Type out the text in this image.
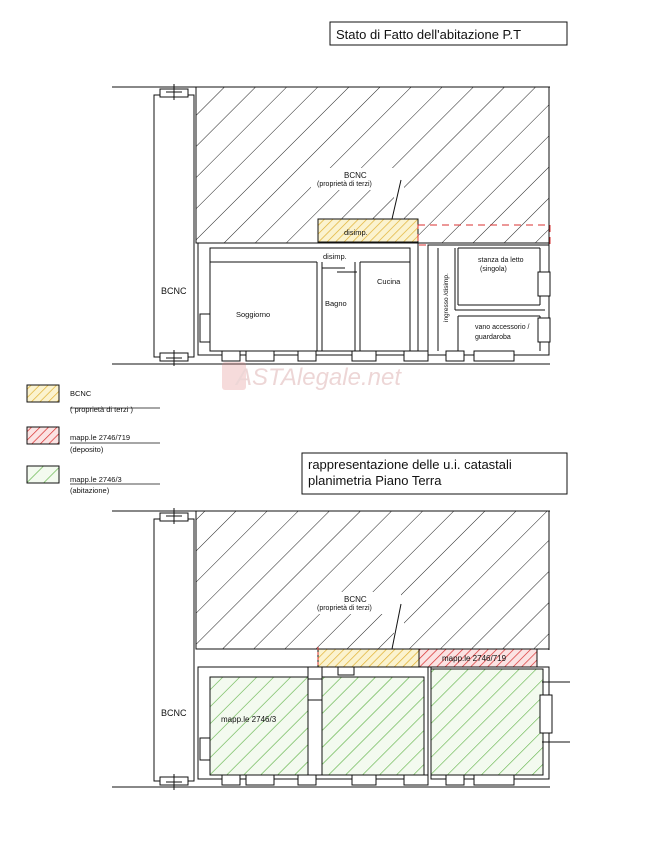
Stato di Fatto dell'abitazione P.T
BCNC
disimp.
BCNC
(proprietà di terzi)
disimp.
Soggiorno
Bagno
Cucina	ingresso /disimp.
stanza da letto
(singola)
vano accessorio /
guardaroba
ASTAlegale.net
BCNC
( proprietà di terzi )
mapp.le 2746/719
(deposito)
mapp.le 2746/3
(abitazione)
rappresentazione delle u.i. catastali
planimetria Piano Terra
BCNC
mapp.le 2746/719
BCNC
(proprietà di terzi)
mapp.le 2746/3
